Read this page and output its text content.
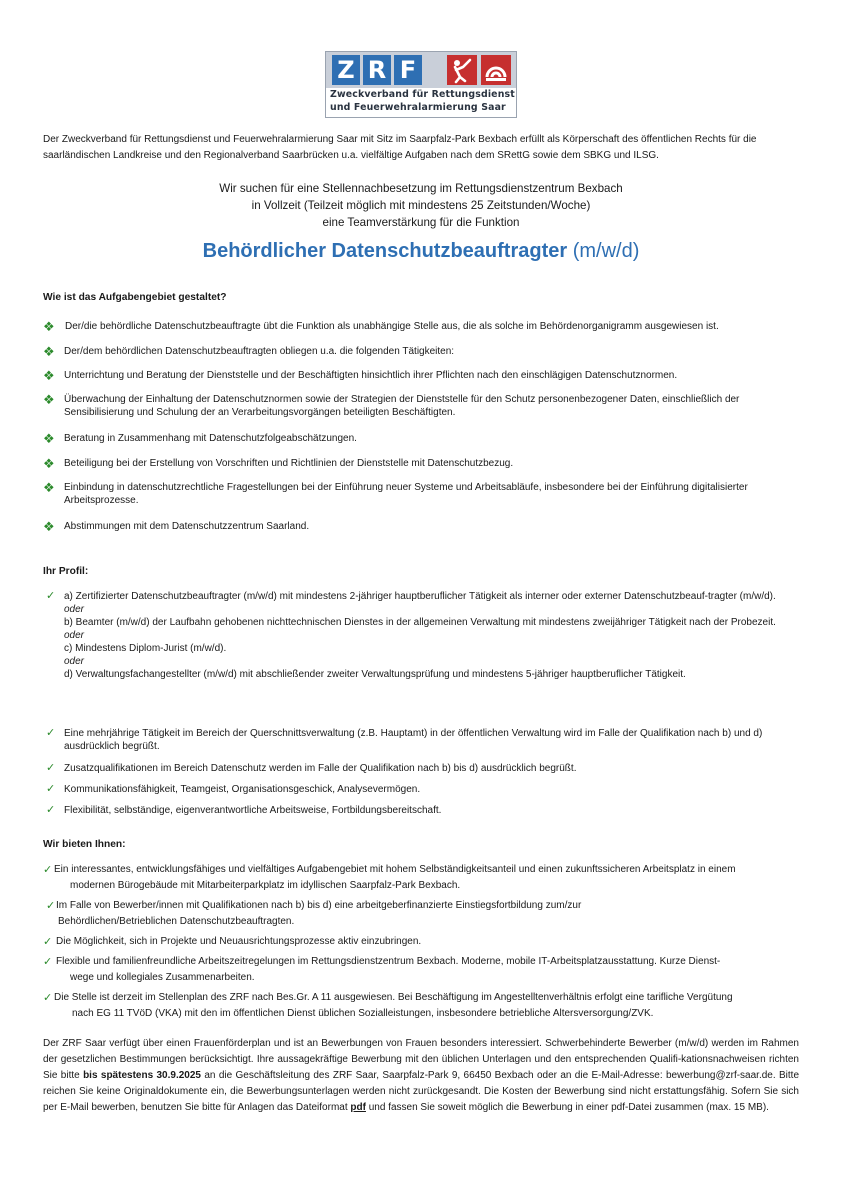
Z R F
Zweckverband für Rettungsdienst
und Feuerwehralarmierung Saar
Der Zweckverband für Rettungsdienst und Feuerwehralarmierung Saar mit Sitz im Saarpfalz-Park Bexbach erfüllt als Körperschaft des öffentlichen Rechts für die saarländischen Landkreise und den Regionalverband Saarbrücken u.a. vielfältige Aufgaben nach dem SRettG sowie dem SBKG und ILSG.
Wir suchen für eine Stellennachbesetzung im Rettungsdienstzentrum Bexbach
in Vollzeit (Teilzeit möglich mit mindestens 25 Zeitstunden/Woche)
eine Teamverstärkung für die Funktion
Behördlicher Datenschutzbeauftragter (m/w/d)
Wie ist das Aufgabengebiet gestaltet?
❖ Der/die behördliche Datenschutzbeauftragte übt die Funktion als unabhängige Stelle aus, die als solche im Behördenorganigramm ausgewiesen ist.
❖ Der/dem behördlichen Datenschutzbeauftragten obliegen u.a. die folgenden Tätigkeiten:
❖ Unterrichtung und Beratung der Dienststelle und der Beschäftigten hinsichtlich ihrer Pflichten nach den einschlägigen Datenschutznormen.
❖ Überwachung der Einhaltung der Datenschutznormen sowie der Strategien der Dienststelle für den Schutz personenbezogener Daten, einschließlich der Sensibilisierung und Schulung der an Verarbeitungsvorgängen beteiligten Beschäftigten.
❖ Beratung in Zusammenhang mit Datenschutzfolgeabschätzungen.
❖ Beteiligung bei der Erstellung von Vorschriften und Richtlinien der Dienststelle mit Datenschutzbezug.
❖ Einbindung in datenschutzrechtliche Fragestellungen bei der Einführung neuer Systeme und Arbeitsabläufe, insbesondere bei der Einführung digitalisierter Arbeitsprozesse.
❖ Abstimmungen mit dem Datenschutzzentrum Saarland.
Ihr Profil:
✓ a) Zertifizierter Datenschutzbeauftragter (m/w/d) mit mindestens 2-jähriger hauptberuflicher Tätigkeit als interner oder externer Datenschutzbeauf-tragter (m/w/d).
oder
b) Beamter (m/w/d) der Laufbahn gehobenen nichttechnischen Dienstes in der allgemeinen Verwaltung mit mindestens zweijähriger Tätigkeit nach der Probezeit.
oder
c) Mindestens Diplom-Jurist (m/w/d).
oder
d) Verwaltungsfachangestellter (m/w/d) mit abschließender zweiter Verwaltungsprüfung und mindestens 5-jähriger hauptberuflicher Tätigkeit.
✓ Eine mehrjährige Tätigkeit im Bereich der Querschnittsverwaltung (z.B. Hauptamt) in der öffentlichen Verwaltung wird im Falle der Qualifikation nach b) und d) ausdrücklich begrüßt.
✓ Zusatzqualifikationen im Bereich Datenschutz werden im Falle der Qualifikation nach b) bis d) ausdrücklich begrüßt.
✓ Kommunikationsfähigkeit, Teamgeist, Organisationsgeschick, Analysevermögen.
✓ Flexibilität, selbständige, eigenverantwortliche Arbeitsweise, Fortbildungsbereitschaft.
Wir bieten Ihnen:
✓ Ein interessantes, entwicklungsfähiges und vielfältiges Aufgabengebiet mit hohem Selbständigkeitsanteil und einen zukunftssicheren Arbeitsplatz in einem
modernen Bürogebäude mit Mitarbeiterparkplatz im idyllischen Saarpfalz-Park Bexbach.
✓ Im Falle von Bewerber/innen mit Qualifikationen nach b) bis d) eine arbeitgeberfinanzierte Einstiegsfortbildung zum/zur
Behördlichen/Betrieblichen Datenschutzbeauftragten.
✓ Die Möglichkeit, sich in Projekte und Neuausrichtungsprozesse aktiv einzubringen.
✓ Flexible und familienfreundliche Arbeitszeitregelungen im Rettungsdienstzentrum Bexbach. Moderne, mobile IT-Arbeitsplatzausstattung. Kurze Dienst-
wege und kollegiales Zusammenarbeiten.
✓ Die Stelle ist derzeit im Stellenplan des ZRF nach Bes.Gr. A 11 ausgewiesen. Bei Beschäftigung im Angestelltenverhältnis erfolgt eine tarifliche Vergütung
nach EG 11 TVöD (VKA) mit den im öffentlichen Dienst üblichen Sozialleistungen, insbesondere betriebliche Altersversorgung/ZVK.
Der ZRF Saar verfügt über einen Frauenförderplan und ist an Bewerbungen von Frauen besonders interessiert. Schwerbehinderte Bewerber (m/w/d) werden im Rahmen der gesetzlichen Bestimmungen berücksichtigt. Ihre aussagekräftige Bewerbung mit den üblichen Unterlagen und den entsprechenden Qualifi-kationsnachweisen richten Sie bitte bis spätestens 30.9.2025 an die Geschäftsleitung des ZRF Saar, Saarpfalz-Park 9, 66450 Bexbach oder an die E-Mail-Adresse: bewerbung@zrf-saar.de. Bitte reichen Sie keine Originaldokumente ein, die Bewerbungsunterlagen werden nicht zurückgesandt. Die Kosten der Bewerbung sind nicht erstattungsfähig. Sofern Sie sich per E-Mail bewerben, benutzen Sie bitte für Anlagen das Dateiformat pdf und fassen Sie soweit möglich die Bewerbung in einer pdf-Datei zusammen (max. 15 MB).
